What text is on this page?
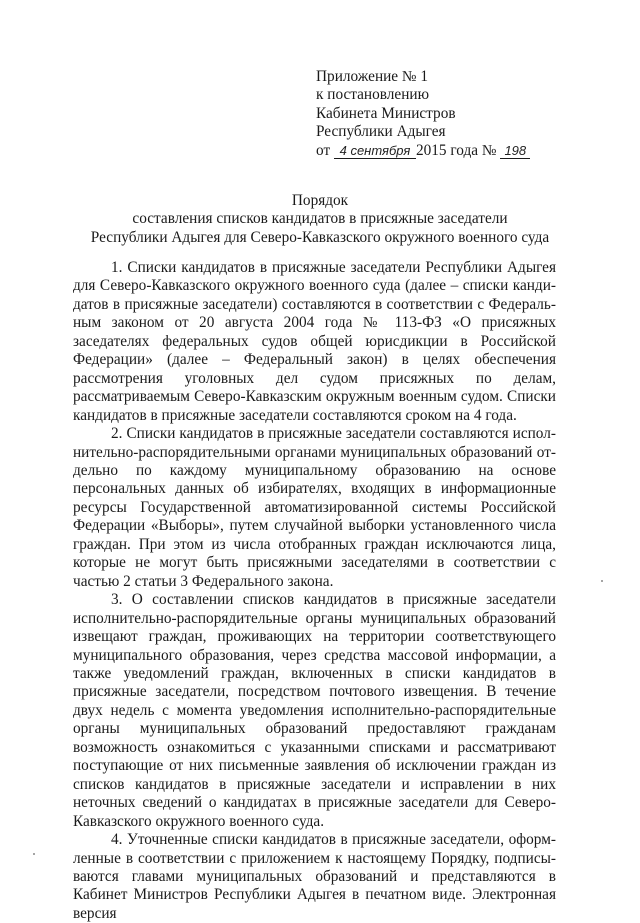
Приложение № 1
к постановлению
Кабинета Министров
Республики Адыгея
от 4 сентября 2015 года № 198
Порядок
составления списков кандидатов в присяжные заседатели
Республики Адыгея для Северо-Кавказского окружного военного суда

1. Списки кандидатов в присяжные заседатели Республики Адыгея для Северо-Кавказского окружного военного суда (далее – списки кандидатов в присяжные заседатели) составляются в соответствии с Федеральным законом от 20 августа 2004 года № 113-ФЗ «О присяжных заседателях федеральных судов общей юрисдикции в Российской Федерации» (далее – Федеральный закон) в целях обеспечения рассмотрения уголовных дел судом присяжных по делам, рассматриваемым Северо-Кавказским окружным военным судом. Списки кандидатов в присяжные заседатели составляются сроком на 4 года.

2. Списки кандидатов в присяжные заседатели составляются исполнительно-распорядительными органами муниципальных образований отдельно по каждому муниципальному образованию на основе персональных данных об избирателях, входящих в информационные ресурсы Государственной автоматизированной системы Российской Федерации «Выборы», путем случайной выборки установленного числа граждан. При этом из числа отобранных граждан исключаются лица, которые не могут быть присяжными заседателями в соответствии с частью 2 статьи 3 Федерального закона.

3. О составлении списков кандидатов в присяжные заседатели исполнительно-распорядительные органы муниципальных образований извещают граждан, проживающих на территории соответствующего муниципального образования, через средства массовой информации, а также уведомлений граждан, включенных в списки кандидатов в присяжные заседатели, посредством почтового извещения. В течение двух недель с момента уведомления исполнительно-распорядительные органы муниципальных образований предоставляют гражданам возможность ознакомиться с указанными списками и рассматривают поступающие от них письменные заявления об исключении граждан из списков кандидатов в присяжные заседатели и исправлении в них неточных сведений о кандидатах в присяжные заседатели для Северо-Кавказского окружного военного суда.

4. Уточненные списки кандидатов в присяжные заседатели, оформленные в соответствии с приложением к настоящему Порядку, подписываются главами муниципальных образований и представляются в Кабинет Министров Республики Адыгея в печатном виде. Электронная версия
